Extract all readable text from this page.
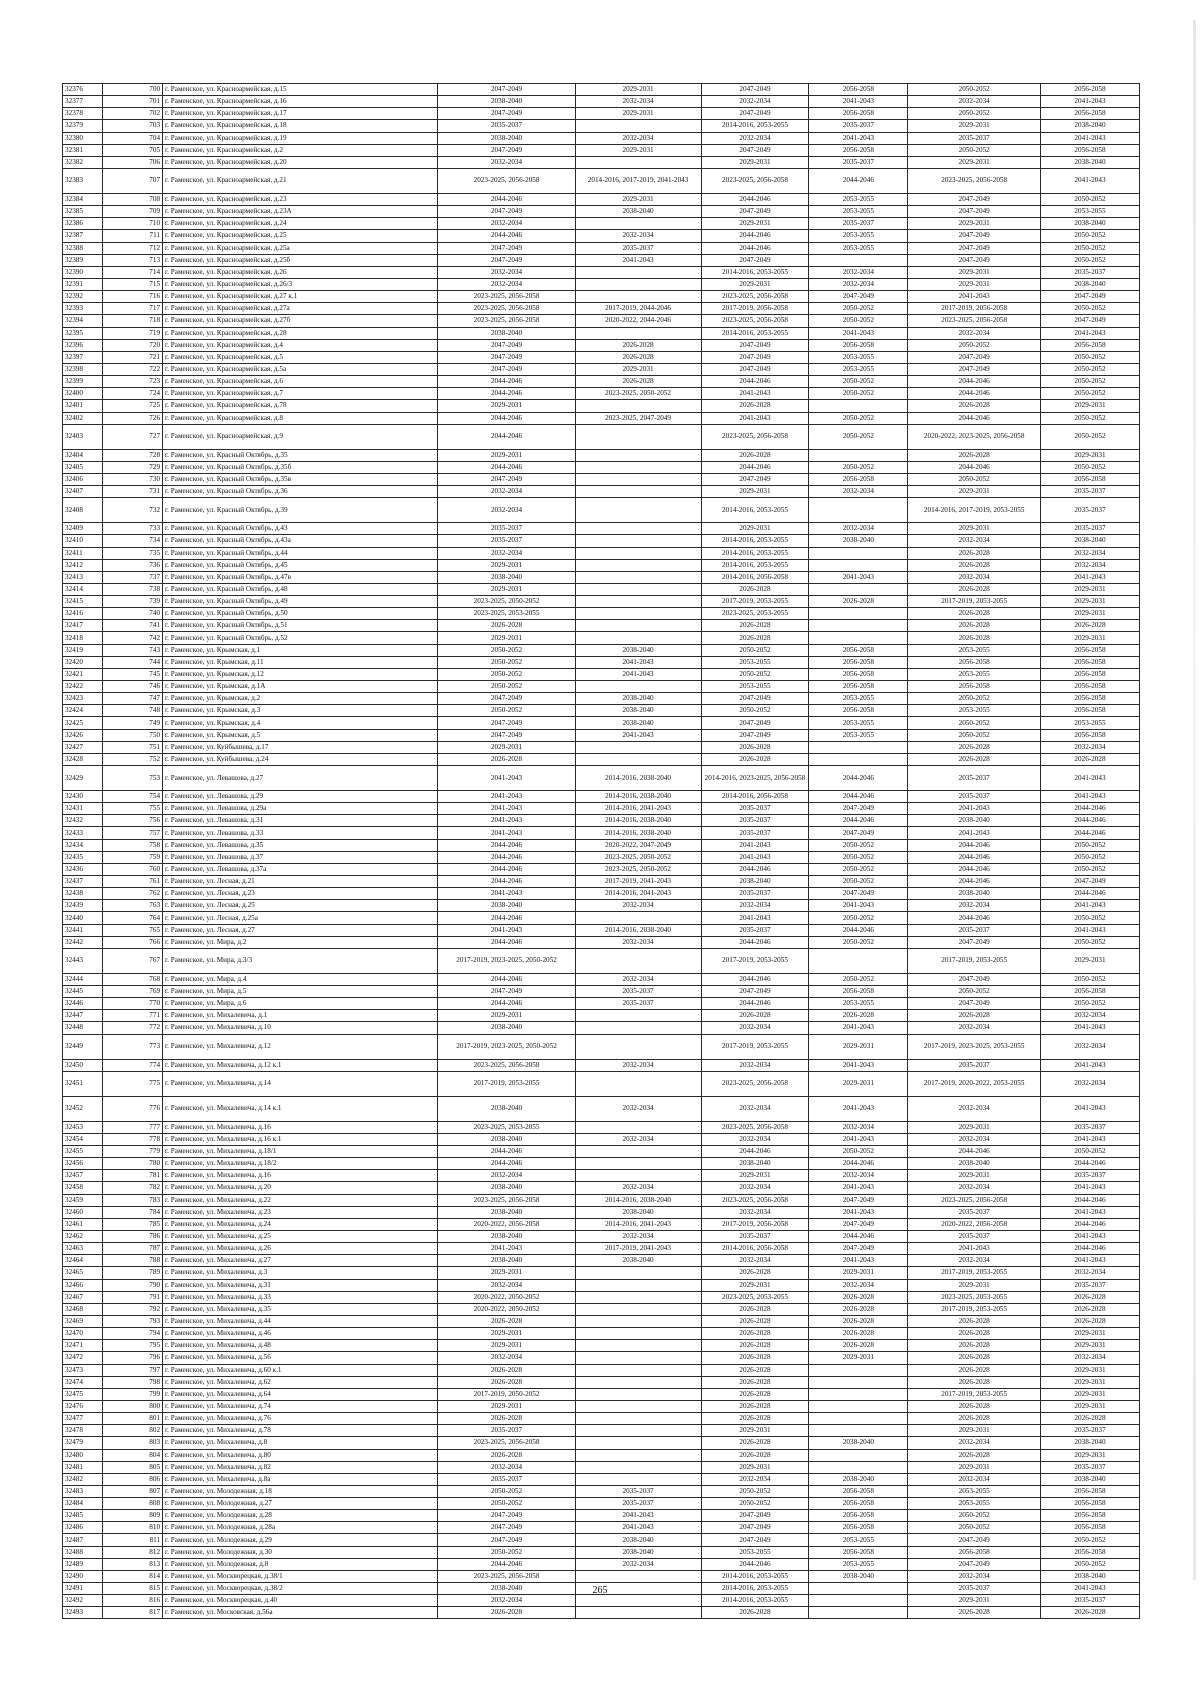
32376	700	г. Раменское, ул. Красноармейская, д.15	2047-2049	2029-2031	2047-2049	2056-2058	2050-2052	2056-2058
32377	701	г. Раменское, ул. Красноармейская, д.16	2038-2040	2032-2034	2032-2034	2041-2043	2032-2034	2041-2043
32378	702	г. Раменское, ул. Красноармейская, д.17	2047-2049	2029-2031	2047-2049	2056-2058	2050-2052	2056-2058
32379	703	г. Раменское, ул. Красноармейская, д.18	2035-2037		2014-2016, 2053-2055	2035-2037	2029-2031	2038-2040
32380	704	г. Раменское, ул. Красноармейская, д.19	2038-2040	2032-2034	2032-2034	2041-2043	2035-2037	2041-2043
32381	705	г. Раменское, ул. Красноармейская, д.2	2047-2049	2029-2031	2047-2049	2056-2058	2050-2052	2056-2058
32382	706	г. Раменское, ул. Красноармейская, д.20	2032-2034		2029-2031	2035-2037	2029-2031	2038-2040
32383	707	г. Раменское, ул. Красноармейская, д.21	2023-2025, 2056-2058	2014-2016, 2017-2019, 2041-2043	2023-2025, 2056-2058	2044-2046	2023-2025, 2056-2058	2041-2043
32384	708	г. Раменское, ул. Красноармейская, д.23	2044-2046	2029-2031	2044-2046	2053-2055	2047-2049	2050-2052
32385	709	г. Раменское, ул. Красноармейская, д.23А	2047-2049	2038-2040	2047-2049	2053-2055	2047-2049	2053-2055
32386	710	г. Раменское, ул. Красноармейская, д.24	2032-2034		2029-2031	2035-2037	2029-2031	2038-2040
32387	711	г. Раменское, ул. Красноармейская, д.25	2044-2046	2032-2034	2044-2046	2053-2055	2047-2049	2050-2052
32388	712	г. Раменское, ул. Красноармейская, д.25а	2047-2049	2035-2037	2044-2046	2053-2055	2047-2049	2050-2052
32389	713	г. Раменское, ул. Красноармейская, д.25б	2047-2049	2041-2043	2047-2049		2047-2049	2050-2052
32390	714	г. Раменское, ул. Красноармейская, д.26	2032-2034		2014-2016, 2053-2055	2032-2034	2029-2031	2035-2037
32391	715	г. Раменское, ул. Красноармейская, д.26/3	2032-2034		2029-2031	2032-2034	2029-2031	2038-2040
32392	716	г. Раменское, ул. Красноармейская, д.27 к.1	2023-2025, 2056-2058		2023-2025, 2056-2058	2047-2049	2041-2043	2047-2049
32393	717	г. Раменское, ул. Красноармейская, д.27а	2023-2025, 2056-2058	2017-2019, 2044-2046	2017-2019, 2056-2058	2050-2052	2017-2019, 2056-2058	2050-2052
32394	718	г. Раменское, ул. Красноармейская, д.27б	2023-2025, 2056-2058	2020-2022, 2044-2046	2023-2025, 2056-2058	2050-2052	2023-2025, 2056-2058	2047-2049
32395	719	г. Раменское, ул. Красноармейская, д.28	2038-2040		2014-2016, 2053-2055	2041-2043	2032-2034	2041-2043
32396	720	г. Раменское, ул. Красноармейская, д.4	2047-2049	2026-2028	2047-2049	2056-2058	2050-2052	2056-2058
32397	721	г. Раменское, ул. Красноармейская, д.5	2047-2049	2026-2028	2047-2049	2053-2055	2047-2049	2050-2052
32398	722	г. Раменское, ул. Красноармейская, д.5а	2047-2049	2029-2031	2047-2049	2053-2055	2047-2049	2050-2052
32399	723	г. Раменское, ул. Красноармейская, д.6	2044-2046	2026-2028	2044-2046	2050-2052	2044-2046	2050-2052
32400	724	г. Раменское, ул. Красноармейская, д.7	2044-2046	2023-2025, 2050-2052	2041-2043	2050-2052	2044-2046	2050-2052
32401	725	г. Раменское, ул. Красноармейская, д.78	2029-2031		2026-2028		2026-2028	2029-2031
32402	726	г. Раменское, ул. Красноармейская, д.8	2044-2046	2023-2025, 2047-2049	2041-2043	2050-2052	2044-2046	2050-2052
32403	727	г. Раменское, ул. Красноармейская, д.9	2044-2046		2023-2025, 2056-2058	2050-2052	2020-2022, 2023-2025, 2056-2058	2050-2052
32404	728	г. Раменское, ул. Красный Октябрь, д.35	2029-2031		2026-2028		2026-2028	2029-2031
32405	729	г. Раменское, ул. Красный Октябрь, д.35б	2044-2046		2044-2046	2050-2052	2044-2046	2050-2052
32406	730	г. Раменское, ул. Красный Октябрь, д.35в	2047-2049		2047-2049	2056-2058	2050-2052	2056-2058
32407	731	г. Раменское, ул. Красный Октябрь, д.36	2032-2034		2029-2031	2032-2034	2029-2031	2035-2037
32408	732	г. Раменское, ул. Красный Октябрь, д.39	2032-2034		2014-2016, 2053-2055		2014-2016, 2017-2019, 2053-2055	2035-2037
32409	733	г. Раменское, ул. Красный Октябрь, д.43	2035-2037		2029-2031	2032-2034	2029-2031	2035-2037
32410	734	г. Раменское, ул. Красный Октябрь, д.43а	2035-2037		2014-2016, 2053-2055	2038-2040	2032-2034	2038-2040
32411	735	г. Раменское, ул. Красный Октябрь, д.44	2032-2034		2014-2016, 2053-2055		2026-2028	2032-2034
32412	736	г. Раменское, ул. Красный Октябрь, д.45	2029-2031		2014-2016, 2053-2055		2026-2028	2032-2034
32413	737	г. Раменское, ул. Красный Октябрь, д.47в	2038-2040		2014-2016, 2056-2058	2041-2043	2032-2034	2041-2043
32414	738	г. Раменское, ул. Красный Октябрь, д.48	2029-2031		2026-2028		2026-2028	2029-2031
32415	739	г. Раменское, ул. Красный Октябрь, д.49	2023-2025, 2050-2052		2017-2019, 2053-2055	2026-2028	2017-2019, 2053-2055	2029-2031
32416	740	г. Раменское, ул. Красный Октябрь, д.50	2023-2025, 2053-2055		2023-2025, 2053-2055		2026-2028	2029-2031
32417	741	г. Раменское, ул. Красный Октябрь, д.51	2026-2028		2026-2028		2026-2028	2026-2028
32418	742	г. Раменское, ул. Красный Октябрь, д.52	2029-2031		2026-2028		2026-2028	2029-2031
32419	743	г. Раменское, ул. Крымская, д.1	2050-2052	2038-2040	2050-2052	2056-2058	2053-2055	2056-2058
32420	744	г. Раменское, ул. Крымская, д.11	2050-2052	2041-2043	2053-2055	2056-2058	2056-2058	2056-2058
32421	745	г. Раменское, ул. Крымская, д.12	2050-2052	2041-2043	2050-2052	2056-2058	2053-2055	2056-2058
32422	746	г. Раменское, ул. Крымская, д.1А	2050-2052		2053-2055	2056-2058	2056-2058	2056-2058
32423	747	г. Раменское, ул. Крымская, д.2	2047-2049	2038-2040	2047-2049	2053-2055	2050-2052	2056-2058
32424	748	г. Раменское, ул. Крымская, д.3	2050-2052	2038-2040	2050-2052	2056-2058	2053-2055	2056-2058
32425	749	г. Раменское, ул. Крымская, д.4	2047-2049	2038-2040	2047-2049	2053-2055	2050-2052	2053-2055
32426	750	г. Раменское, ул. Крымская, д.5	2047-2049	2041-2043	2047-2049	2053-2055	2050-2052	2056-2058
32427	751	г. Раменское, ул. Куйбышева, д.17	2029-2031		2026-2028		2026-2028	2032-2034
32428	752	г. Раменское, ул. Куйбышева, д.24	2026-2028		2026-2028		2026-2028	2026-2028
32429	753	г. Раменское, ул. Левашова, д.27	2041-2043	2014-2016, 2038-2040	2014-2016, 2023-2025, 2056-2058	2044-2046	2035-2037	2041-2043
32430	754	г. Раменское, ул. Левашова, д.29	2041-2043	2014-2016, 2038-2040	2014-2016, 2056-2058	2044-2046	2035-2037	2041-2043
32431	755	г. Раменское, ул. Левашова, д.29а	2041-2043	2014-2016, 2041-2043	2035-2037	2047-2049	2041-2043	2044-2046
32432	756	г. Раменское, ул. Левашова, д.31	2041-2043	2014-2016, 2038-2040	2035-2037	2044-2046	2038-2040	2044-2046
32433	757	г. Раменское, ул. Левашова, д.33	2041-2043	2014-2016, 2038-2040	2035-2037	2047-2049	2041-2043	2044-2046
32434	758	г. Раменское, ул. Левашова, д.35	2044-2046	2020-2022, 2047-2049	2041-2043	2050-2052	2044-2046	2050-2052
32435	759	г. Раменское, ул. Левашова, д.37	2044-2046	2023-2025, 2050-2052	2041-2043	2050-2052	2044-2046	2050-2052
32436	760	г. Раменское, ул. Левашова, д.37а	2044-2046	2023-2025, 2050-2052	2044-2046	2050-2052	2044-2046	2050-2052
32437	761	г. Раменское, ул. Лесная, д.21	2044-2046	2017-2019, 2041-2043	2038-2040	2050-2052	2044-2046	2047-2049
32438	762	г. Раменское, ул. Лесная, д.23	2041-2043	2014-2016, 2041-2043	2035-2037	2047-2049	2038-2040	2044-2046
32439	763	г. Раменское, ул. Лесная, д.25	2038-2040	2032-2034	2032-2034	2041-2043	2032-2034	2041-2043
32440	764	г. Раменское, ул. Лесная, д.25а	2044-2046		2041-2043	2050-2052	2044-2046	2050-2052
32441	765	г. Раменское, ул. Лесная, д.27	2041-2043	2014-2016, 2038-2040	2035-2037	2044-2046	2035-2037	2041-2043
32442	766	г. Раменское, ул. Мира, д.2	2044-2046	2032-2034	2044-2046	2050-2052	2047-2049	2050-2052
32443	767	г. Раменское, ул. Мира, д.3/3	2017-2019, 2023-2025, 2050-2052		2017-2019, 2053-2055		2017-2019, 2053-2055	2029-2031
32444	768	г. Раменское, ул. Мира, д.4	2044-2046	2032-2034	2044-2046	2050-2052	2047-2049	2050-2052
32445	769	г. Раменское, ул. Мира, д.5	2047-2049	2035-2037	2047-2049	2056-2058	2050-2052	2056-2058
32446	770	г. Раменское, ул. Мира, д.6	2044-2046	2035-2037	2044-2046	2053-2055	2047-2049	2050-2052
32447	771	г. Раменское, ул. Михалевича, д.1	2029-2031		2026-2028	2026-2028	2026-2028	2032-2034
32448	772	г. Раменское, ул. Михалевича, д.10	2038-2040		2032-2034	2041-2043	2032-2034	2041-2043
32449	773	г. Раменское, ул. Михалевича, д.12	2017-2019, 2023-2025, 2050-2052		2017-2019, 2053-2055	2029-2031	2017-2019, 2023-2025, 2053-2055	2032-2034
32450	774	г. Раменское, ул. Михалевича, д.12 к.1	2023-2025, 2056-2058	2032-2034	2032-2034	2041-2043	2035-2037	2041-2043
32451	775	г. Раменское, ул. Михалевича, д.14	2017-2019, 2053-2055		2023-2025, 2056-2058	2029-2031	2017-2019, 2020-2022, 2053-2055	2032-2034
32452	776	г. Раменское, ул. Михалевича, д.14 к.1	2038-2040	2032-2034	2032-2034	2041-2043	2032-2034	2041-2043
32453	777	г. Раменское, ул. Михалевича, д.16	2023-2025, 2053-2055		2023-2025, 2056-2058	2032-2034	2029-2031	2035-2037
32454	778	г. Раменское, ул. Михалевича, д.16 к.1	2038-2040	2032-2034	2032-2034	2041-2043	2032-2034	2041-2043
32455	779	г. Раменское, ул. Михалевича, д.18/1	2044-2046		2044-2046	2050-2052	2044-2046	2050-2052
32456	780	г. Раменское, ул. Михалевича, д.18/2	2044-2046		2038-2040	2044-2046	2038-2040	2044-2046
32457	781	г. Раменское, ул. Михалевича, д.16	2032-2034		2029-2031	2032-2034	2029-2031	2035-2037
32458	782	г. Раменское, ул. Михалевича, д.20	2038-2040	2032-2034	2032-2034	2041-2043	2032-2034	2041-2043
32459	783	г. Раменское, ул. Михалевича, д.22	2023-2025, 2056-2058	2014-2016, 2038-2040	2023-2025, 2056-2058	2047-2049	2023-2025, 2056-2058	2044-2046
32460	784	г. Раменское, ул. Михалевича, д.23	2038-2040	2038-2040	2032-2034	2041-2043	2035-2037	2041-2043
32461	785	г. Раменское, ул. Михалевича, д.24	2020-2022, 2056-2058	2014-2016, 2041-2043	2017-2019, 2056-2058	2047-2049	2020-2022, 2056-2058	2044-2046
32462	786	г. Раменское, ул. Михалевича, д.25	2038-2040	2032-2034	2035-2037	2044-2046	2035-2037	2041-2043
32463	787	г. Раменское, ул. Михалевича, д.26	2041-2043	2017-2019, 2041-2043	2014-2016, 2056-2058	2047-2049	2041-2043	2044-2046
32464	788	г. Раменское, ул. Михалевича, д.27	2038-2040	2038-2040	2032-2034	2041-2043	2032-2034	2041-2043
32465	789	г. Раменское, ул. Михалевича, д.3	2029-2031		2026-2028	2029-2031	2017-2019, 2053-2055	2032-2034
32466	790	г. Раменское, ул. Михалевича, д.31	2032-2034		2029-2031	2032-2034	2029-2031	2035-2037
32467	791	г. Раменское, ул. Михалевича, д.33	2020-2022, 2050-2052		2023-2025, 2053-2055	2026-2028	2023-2025, 2053-2055	2026-2028
32468	792	г. Раменское, ул. Михалевича, д.35	2020-2022, 2050-2052		2026-2028	2026-2028	2017-2019, 2053-2055	2026-2028
32469	793	г. Раменское, ул. Михалевича, д.44	2026-2028		2026-2028	2026-2028	2026-2028	2026-2028
32470	794	г. Раменское, ул. Михалевича, д.46	2029-2031		2026-2028	2026-2028	2026-2028	2029-2031
32471	795	г. Раменское, ул. Михалевича, д.48	2029-2031		2026-2028	2026-2028	2026-2028	2029-2031
32472	796	г. Раменское, ул. Михалевича, д.56	2032-2034		2026-2028	2029-2031	2026-2028	2032-2034
32473	797	г. Раменское, ул. Михалевича, д.60 к.1	2026-2028		2026-2028		2026-2028	2029-2031
32474	798	г. Раменское, ул. Михалевича, д.62	2026-2028		2026-2028		2026-2028	2029-2031
32475	799	г. Раменское, ул. Михалевича, д.64	2017-2019, 2050-2052		2026-2028		2017-2019, 2053-2055	2029-2031
32476	800	г. Раменское, ул. Михалевича, д.74	2029-2031		2026-2028		2026-2028	2029-2031
32477	801	г. Раменское, ул. Михалевича, д.76	2026-2028		2026-2028		2026-2028	2026-2028
32478	802	г. Раменское, ул. Михалевича, д.78	2035-2037		2029-2031		2029-2031	2035-2037
32479	803	г. Раменское, ул. Михалевича, д.8	2023-2025, 2056-2058		2026-2028	2038-2040	2032-2034	2038-2040
32480	804	г. Раменское, ул. Михалевича, д.80	2026-2028		2026-2028		2026-2028	2029-2031
32481	805	г. Раменское, ул. Михалевича, д.82	2032-2034		2029-2031		2029-2031	2035-2037
32482	806	г. Раменское, ул. Михалевича, д.8а	2035-2037		2032-2034	2038-2040	2032-2034	2038-2040
32483	807	г. Раменское, ул. Молодежная, д.18	2050-2052	2035-2037	2050-2052	2056-2058	2053-2055	2056-2058
32484	808	г. Раменское, ул. Молодежная, д.27	2050-2052	2035-2037	2050-2052	2056-2058	2053-2055	2056-2058
32485	809	г. Раменское, ул. Молодежная, д.28	2047-2049	2041-2043	2047-2049	2056-2058	2050-2052	2056-2058
32486	810	г. Раменское, ул. Молодежная, д.28а	2047-2049	2041-2043	2047-2049	2056-2058	2050-2052	2056-2058
32487	811	г. Раменское, ул. Молодежная, д.29	2047-2049	2038-2040	2047-2049	2053-2055	2047-2049	2050-2052
32488	812	г. Раменское, ул. Молодежная, д.30	2050-2052	2038-2040	2053-2055	2056-2058	2056-2058	2056-2058
32489	813	г. Раменское, ул. Молодежная, д.8	2044-2046	2032-2034	2044-2046	2053-2055	2047-2049	2050-2052
32490	814	г. Раменское, ул. Москворецкая, д.38/1	2023-2025, 2056-2058		2014-2016, 2053-2055	2038-2040	2032-2034	2038-2040
32491	815	г. Раменское, ул. Москворецкая, д.38/2	2038-2040		2014-2016, 2053-2055		2035-2037	2041-2043
32492	816	г. Раменское, ул. Москворецкая, д.40	2032-2034		2014-2016, 2053-2055		2029-2031	2035-2037
32493	817	г. Раменское, ул. Московская, д.56а	2026-2028		2026-2028		2026-2028	2026-2028
265
